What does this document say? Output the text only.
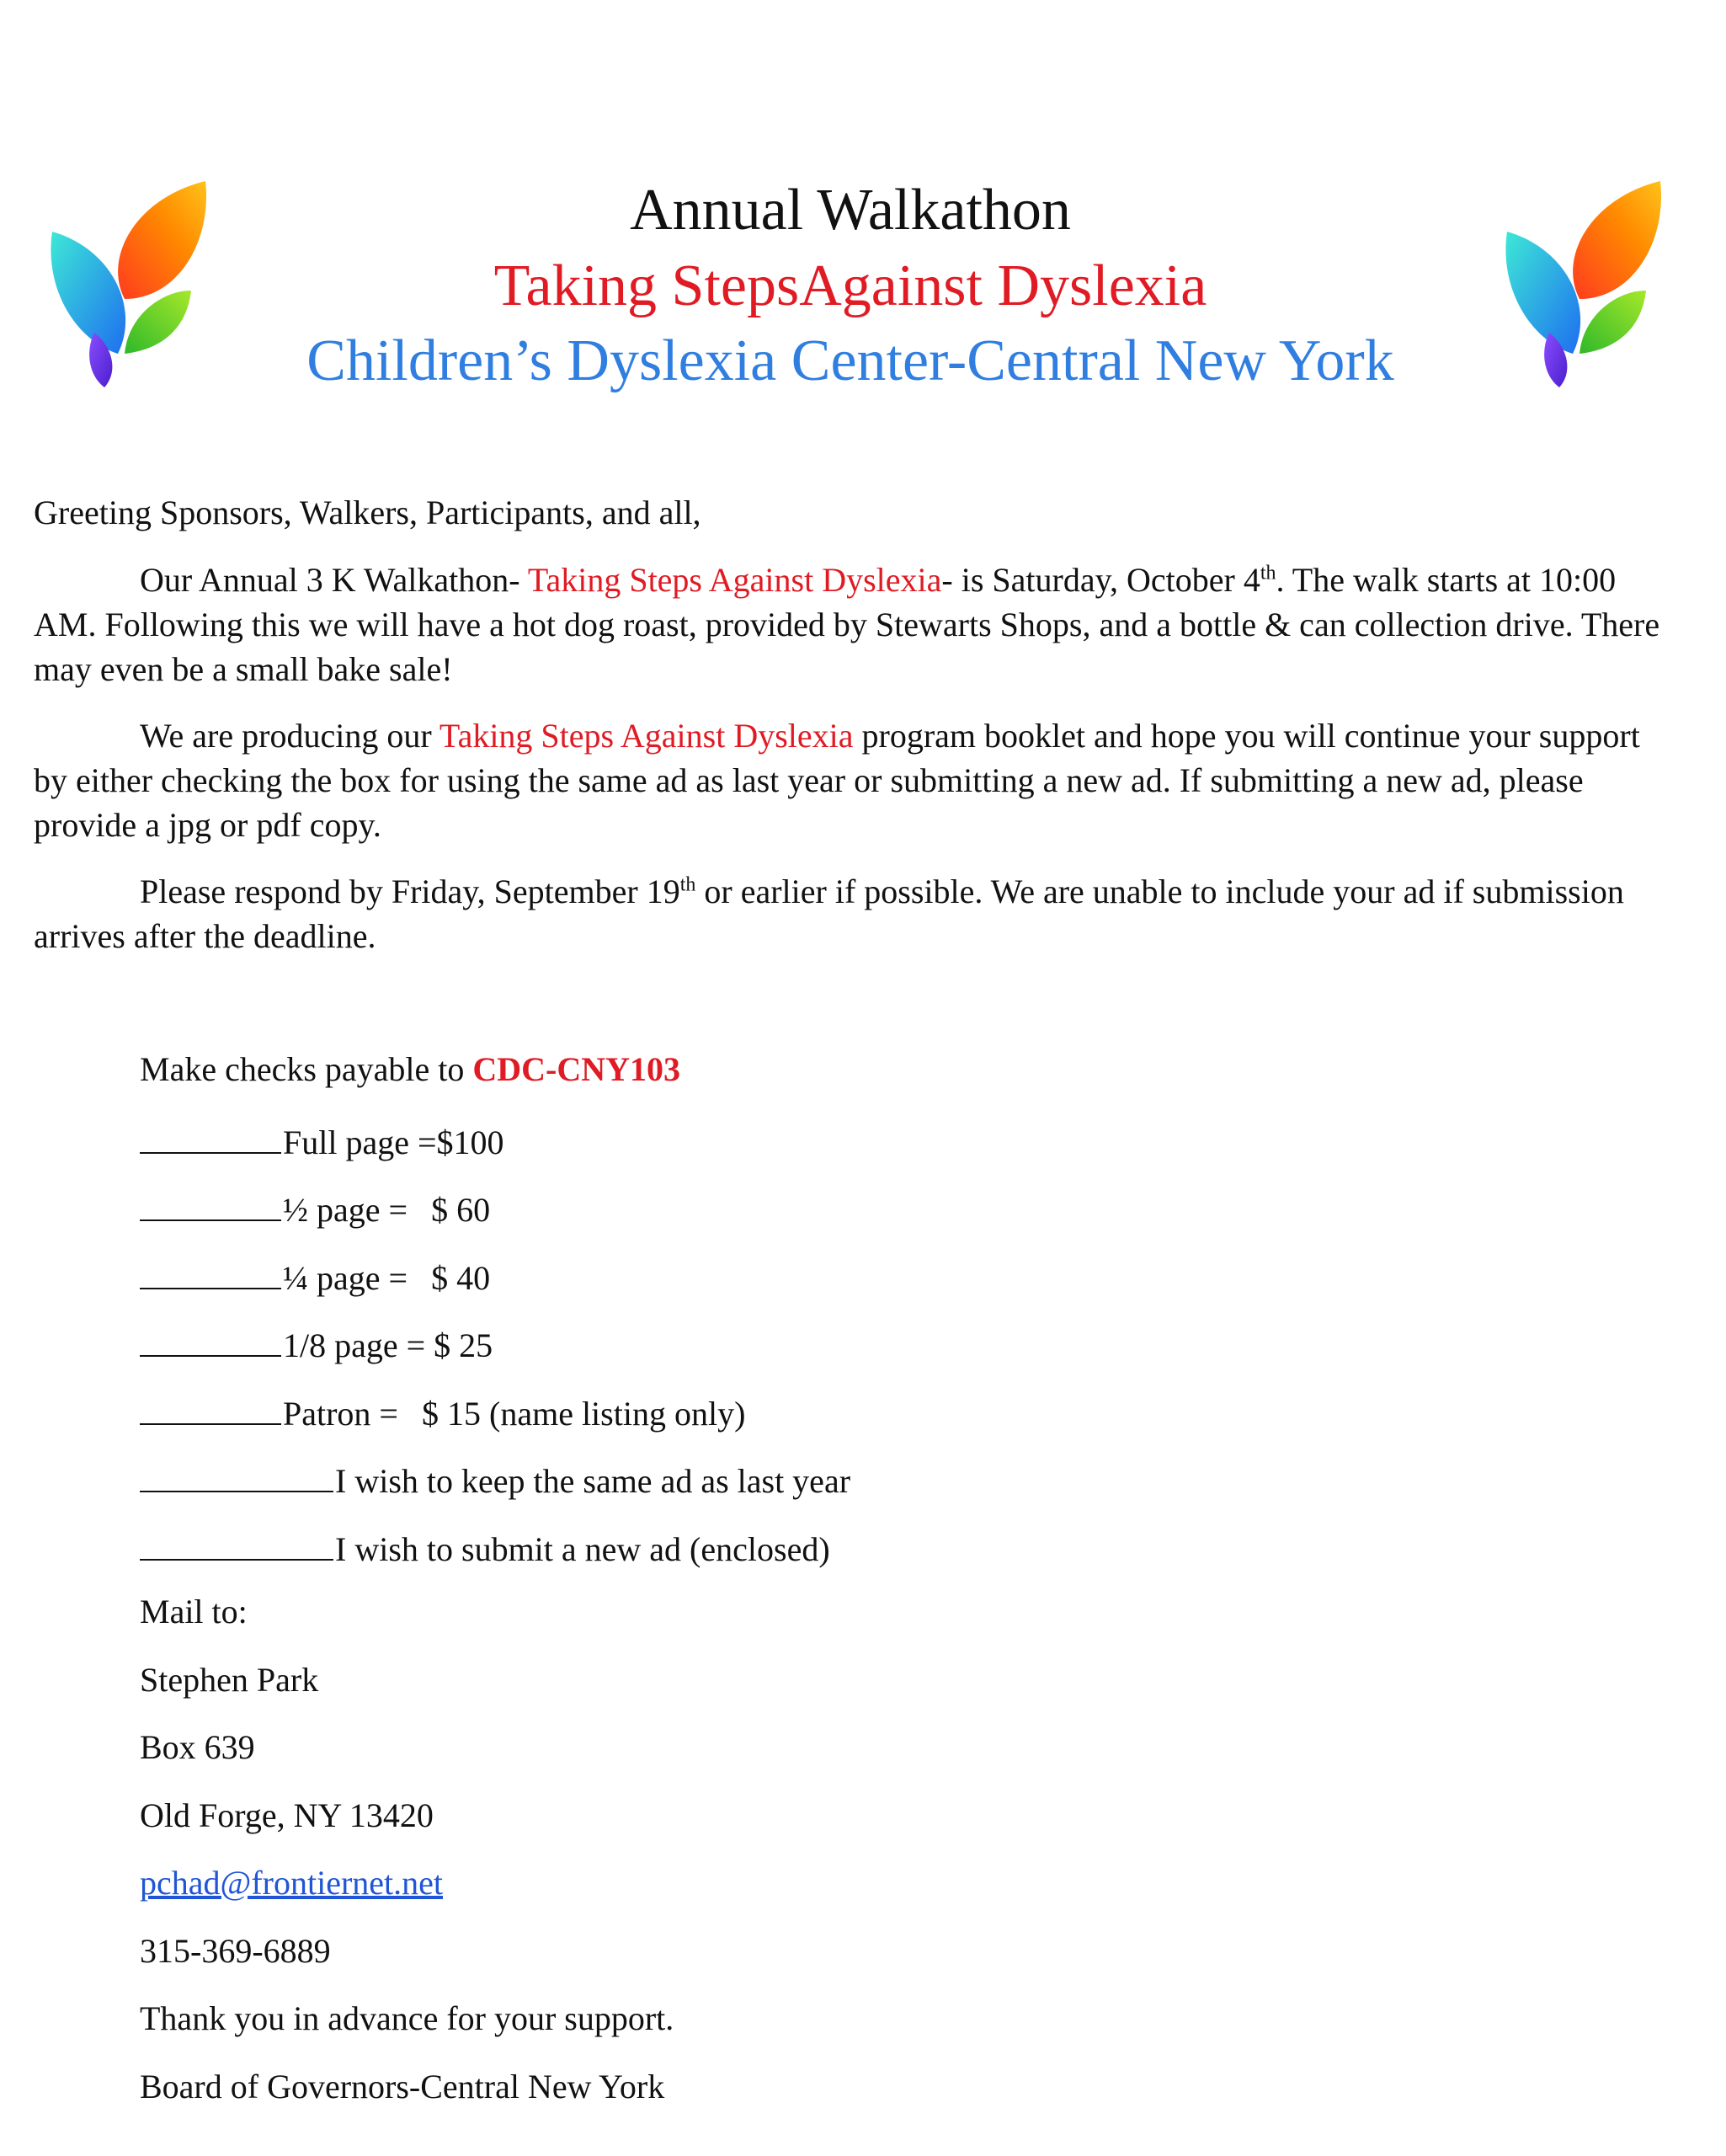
Annual Walkathon
Taking StepsAgainst Dyslexia
Children’s Dyslexia Center-Central New York
Greeting Sponsors, Walkers, Participants, and all,
Our Annual 3 K Walkathon- Taking Steps Against Dyslexia- is Saturday, October 4th. The walk starts at 10:00 AM. Following this we will have a hot dog roast, provided by Stewarts Shops, and a bottle & can collection drive. There may even be a small bake sale!
We are producing our Taking Steps Against Dyslexia program booklet and hope you will continue your support by either checking the box for using the same ad as last year or submitting a new ad. If submitting a new ad, please provide a jpg or pdf copy.
Please respond by Friday, September 19th or earlier if possible. We are unable to include your ad if submission arrives after the deadline.
Make checks payable to CDC-CNY103
Full page =$100
½ page = $ 60
¼ page = $ 40
1/8 page = $ 25
Patron = $ 15 (name listing only)
I wish to keep the same ad as last year
I wish to submit a new ad (enclosed)
Mail to:
Stephen Park
Box 639
Old Forge, NY 13420
pchad@frontiernet.net
315-369-6889
Thank you in advance for your support.
Board of Governors-Central New York
